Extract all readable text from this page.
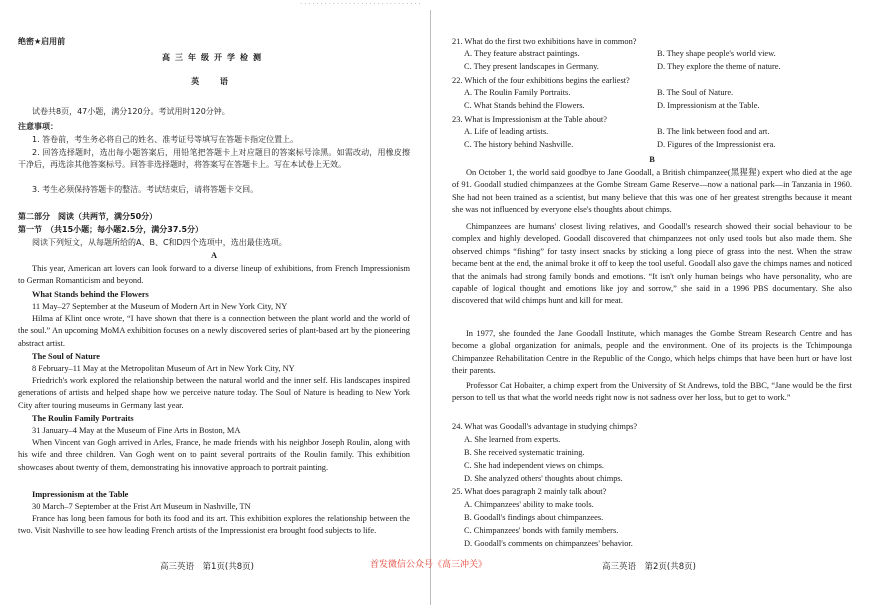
· · · · · · · · · · · · · · · · · · · · · · · · · · · · · ·
绝密★启用前
高三年级开学检测
英 语

试卷共8页，47小题，满分120分。考试用时120分钟。

注意事项：

1. 答卷前，考生务必将自己的姓名、准考证号等填写在答题卡指定位置上。

2. 回答选择题时，选出每小题答案后，用铅笔把答题卡上对应题目的答案标号涂黑。如需改动，用橡皮擦干净后，再选涂其他答案标号。回答非选择题时，将答案写在答题卡上。写在本试卷上无效。

3. 考生必须保持答题卡的整洁。考试结束后，请将答题卡交回。

第二部分　阅读（共两节，满分50分）

第一节　（共15小题；每小题2.5分，满分37.5分）

阅读下列短文，从每题所给的A、B、C和D四个选项中，选出最佳选项。

A

This year, American art lovers can look forward to a diverse lineup of exhibitions, from French Impressionism to German Romanticism and beyond.

What Stands behind the Flowers

11 May–27 September at the Museum of Modern Art in New York City, NY

Hilma af Klint once wrote, “I have shown that there is a connection between the plant world and the world of the soul.” An upcoming MoMA exhibition focuses on a newly discovered series of plant-based art by the pioneering abstract artist.

The Soul of Nature

8 February–11 May at the Metropolitan Museum of Art in New York City, NY

Friedrich's work explored the relationship between the natural world and the inner self. His landscapes inspired generations of artists and helped shape how we perceive nature today. The Soul of Nature is heading to New York City after touring museums in Germany last year.

The Roulin Family Portraits

31 January–4 May at the Museum of Fine Arts in Boston, MA

When Vincent van Gogh arrived in Arles, France, he made friends with his neighbor Joseph Roulin, along with his wife and three children. Van Gogh went on to paint several portraits of the Roulin family. This exhibition showcases about twenty of them, demonstrating his innovative approach to portrait painting.

Impressionism at the Table

30 March–7 September at the Frist Art Museum in Nashville, TN

France has long been famous for both its food and its art. This exhibition explores the relationship between the two. Visit Nashville to see how leading French artists of the Impressionist era brought food subjects to life.

21. What do the first two exhibitions have in common?

A. They feature abstract paintings.	B. They shape people's world view.
C. They present landscapes in Germany.	D. They explore the theme of nature.

22. Which of the four exhibitions begins the earliest?

A. The Roulin Family Portraits.	B. The Soul of Nature.
C. What Stands behind the Flowers.	D. Impressionism at the Table.

23. What is Impressionism at the Table about?

A. Life of leading artists.	B. The link between food and art.
C. The history behind Nashville.	D. Figures of the Impressionist era.

B

On October 1, the world said goodbye to Jane Goodall, a British chimpanzee(黑猩猩) expert who died at the age of 91. Goodall studied chimpanzees at the Gombe Stream Game Reserve—now a national park—in Tanzania in 1960. She had not been trained as a scientist, but many believe that this was one of her greatest strengths because it meant she was not influenced by everyone else's thoughts about chimps.

Chimpanzees are humans' closest living relatives, and Goodall's research showed their social behaviour to be complex and highly developed. Goodall discovered that chimpanzees not only used tools but also made them. She observed chimps “fishing” for tasty insect snacks by sticking a long piece of grass into the nest. When the straw became bent at the end, the animal broke it off to keep the tool useful. Goodall also gave the chimps names and noticed that the animals had strong family bonds and emotions. “It isn't only human beings who have personality, who are capable of logical thought and emotions like joy and sorrow,” she said in a 1996 PBS documentary. She also discovered that wild chimps hunt and kill for meat.

In 1977, she founded the Jane Goodall Institute, which manages the Gombe Stream Research Centre and has become a global organization for animals, people and the environment. One of its projects is the Tchimpounga Chimpanzee Rehabilitation Centre in the Republic of the Congo, which helps chimps that have been hurt or have lost their parents.

Professor Cat Hobaiter, a chimp expert from the University of St Andrews, told the BBC, “Jane would be the first person to tell us that what the world needs right now is not sadness over her loss, but to get to work.”

24. What was Goodall's advantage in studying chimps?

A. She learned from experts.

B. She received systematic training.

C. She had independent views on chimps.

D. She analyzed others' thoughts about chimps.

25. What does paragraph 2 mainly talk about?

A. Chimpanzees' ability to make tools.

B. Goodall's findings about chimpanzees.

C. Chimpanzees' bonds with family members.

D. Goodall's comments on chimpanzees' behavior.

高三英语　第1页(共8页)	首发微信公众号《高三冲关》	高三英语　第2页(共8页)
